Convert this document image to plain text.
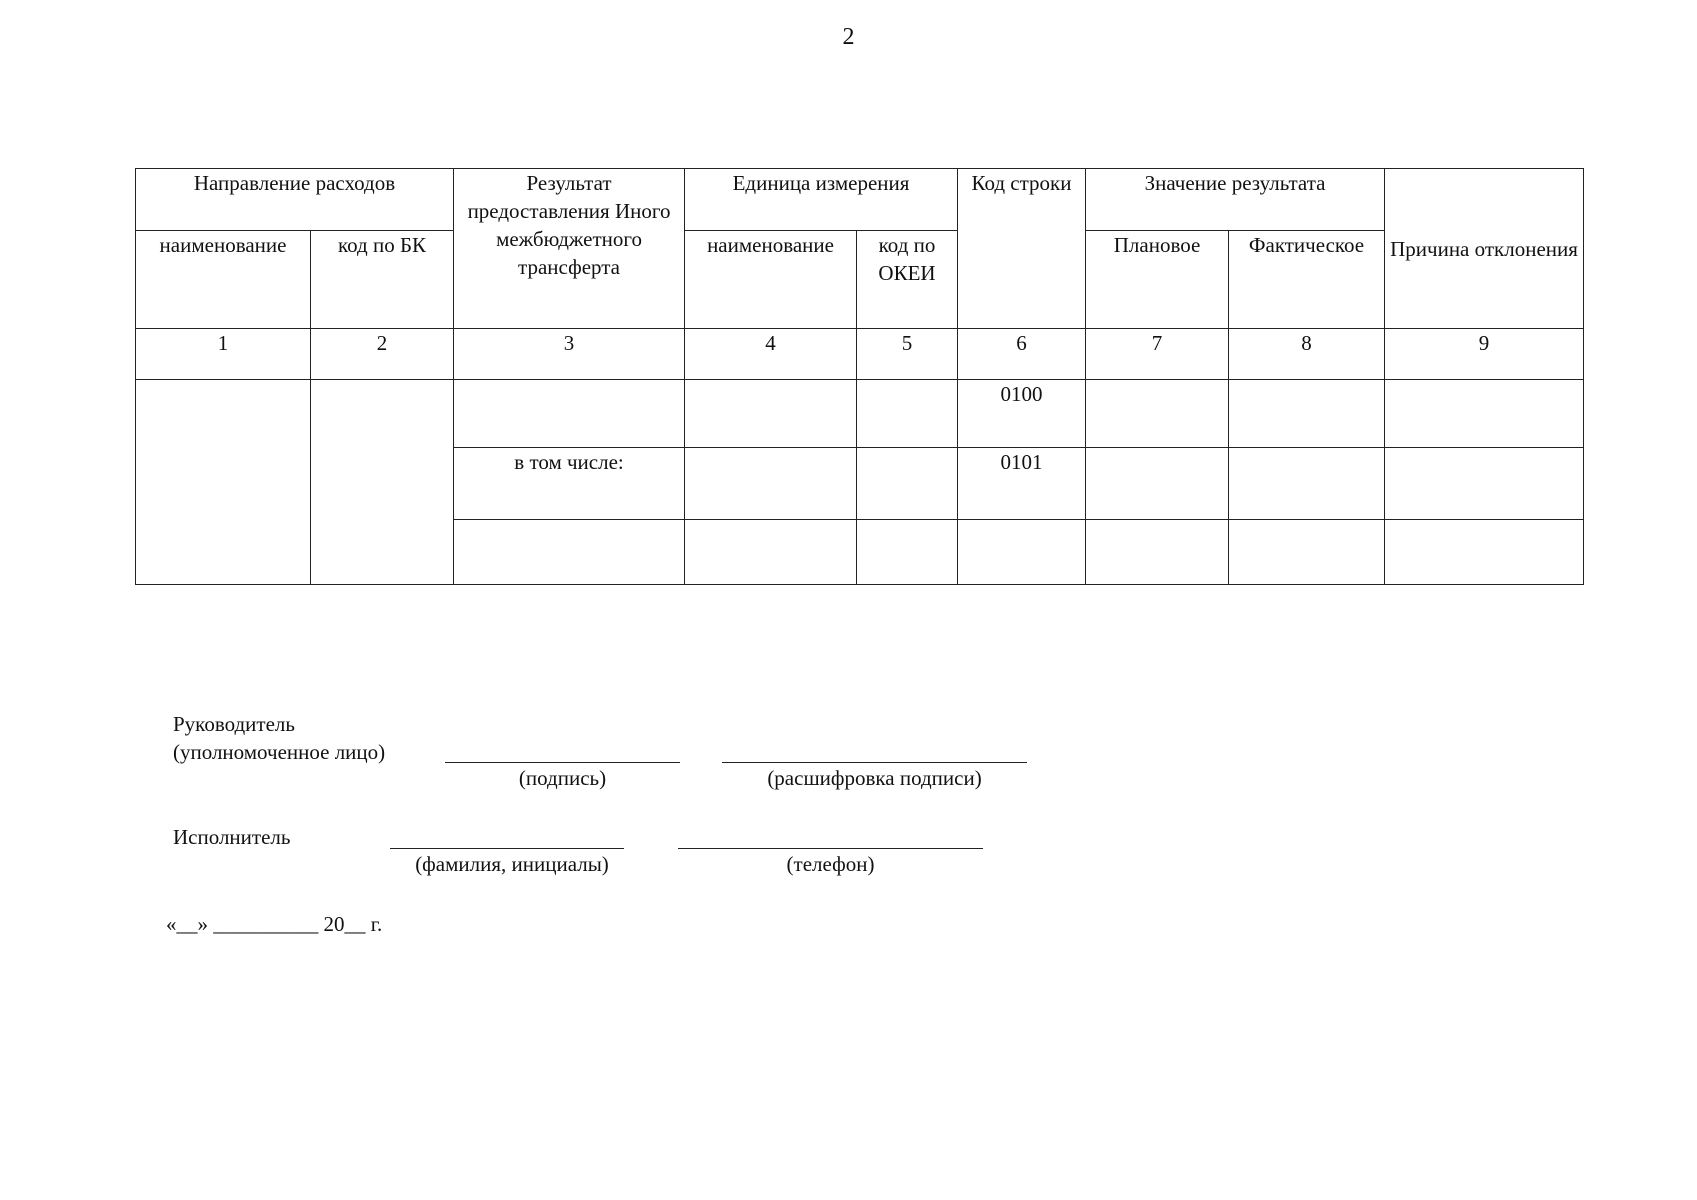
2
Направление расходов		Результат предоставления Иного межбюджетного трансферта	Единица измерения		Код строки	Значение результата		Причина отклонения

наименование	код по БК		наименование	код по ОКЕИ		Плановое	Фактическое	

1	2	3	4	5	6	7	8	9
					0100			
		в том числе:			0101			

Руководитель
(уполномоченное лицо)
(подпись)	(расшифровка подписи)
Исполнитель
(фамилия, инициалы)	(телефон)
«__» __________ 20__ г.
